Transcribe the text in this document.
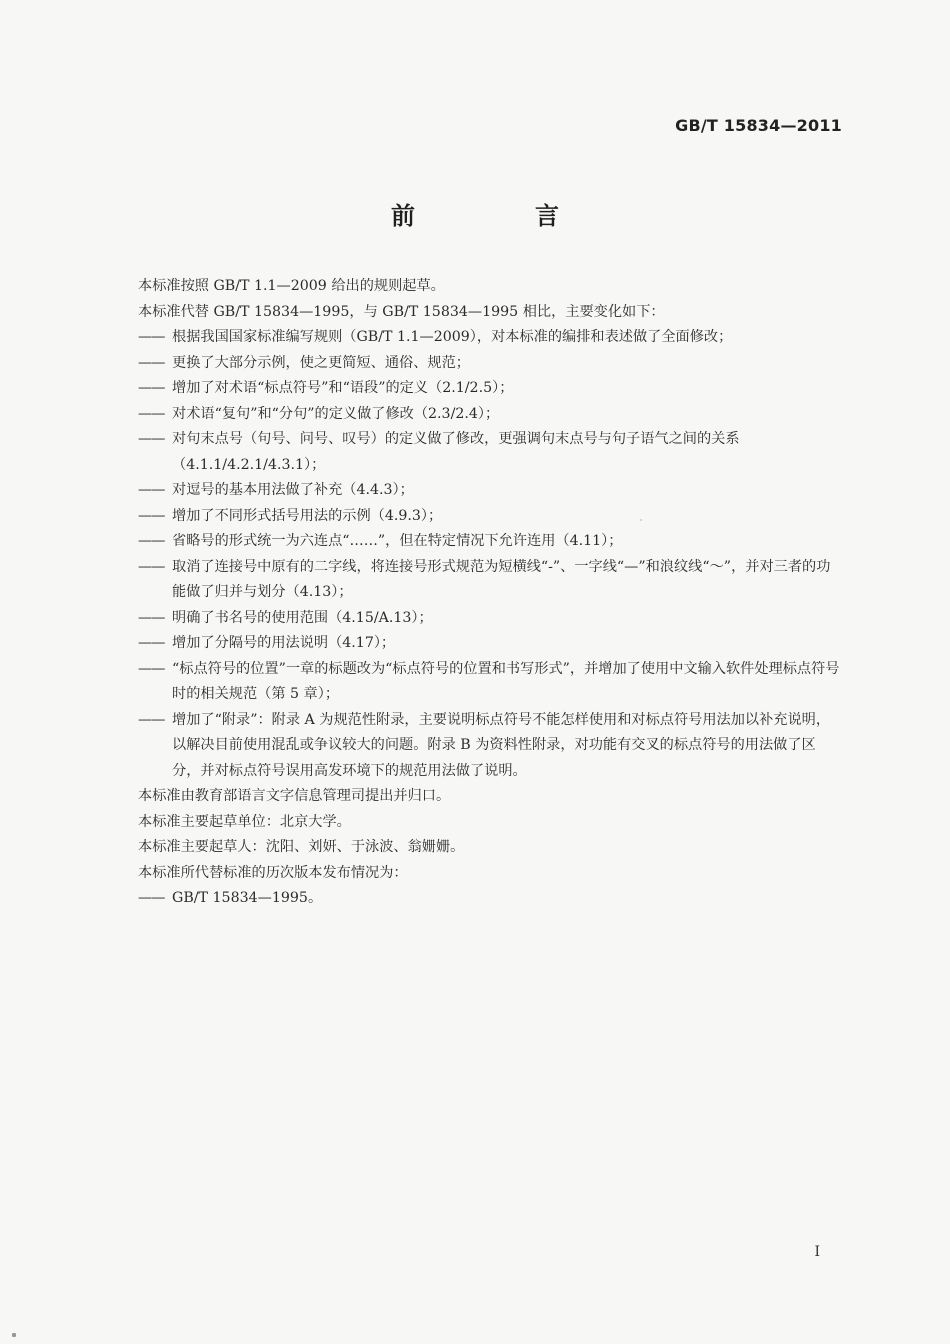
GB/T 15834—2011
前　言

本标准按照 GB/T 1.1—2009 给出的规则起草。

本标准代替 GB/T 15834—1995，与 GB/T 15834—1995 相比，主要变化如下：

—— 根据我国国家标准编写规则（GB/T 1.1—2009），对本标准的编排和表述做了全面修改；
—— 更换了大部分示例，使之更简短、通俗、规范；
—— 增加了对术语“标点符号”和“语段”的定义（2.1/2.5）；
—— 对术语“复句”和“分句”的定义做了修改（2.3/2.4）；
—— 对句末点号（句号、问号、叹号）的定义做了修改，更强调句末点号与句子语气之间的关系（4.1.1/4.2.1/4.3.1）；
—— 对逗号的基本用法做了补充（4.4.3）；
—— 增加了不同形式括号用法的示例（4.9.3）；
—— 省略号的形式统一为六连点“……”，但在特定情况下允许连用（4.11）；
—— 取消了连接号中原有的二字线，将连接号形式规范为短横线“-”、一字线“—”和浪纹线“～”，并对三者的功能做了归并与划分（4.13）；
—— 明确了书名号的使用范围（4.15/A.13）；
—— 增加了分隔号的用法说明（4.17）；
—— “标点符号的位置”一章的标题改为“标点符号的位置和书写形式”，并增加了使用中文输入软件处理标点符号时的相关规范（第 5 章）；
—— 增加了“附录”：附录 A 为规范性附录，主要说明标点符号不能怎样使用和对标点符号用法加以补充说明，以解决目前使用混乱或争议较大的问题。附录 B 为资料性附录，对功能有交叉的标点符号的用法做了区分，并对标点符号误用高发环境下的规范用法做了说明。

本标准由教育部语言文字信息管理司提出并归口。

本标准主要起草单位：北京大学。

本标准主要起草人：沈阳、刘妍、于泳波、翁姗姗。

本标准所代替标准的历次版本发布情况为：

—— GB/T 15834—1995。
I
